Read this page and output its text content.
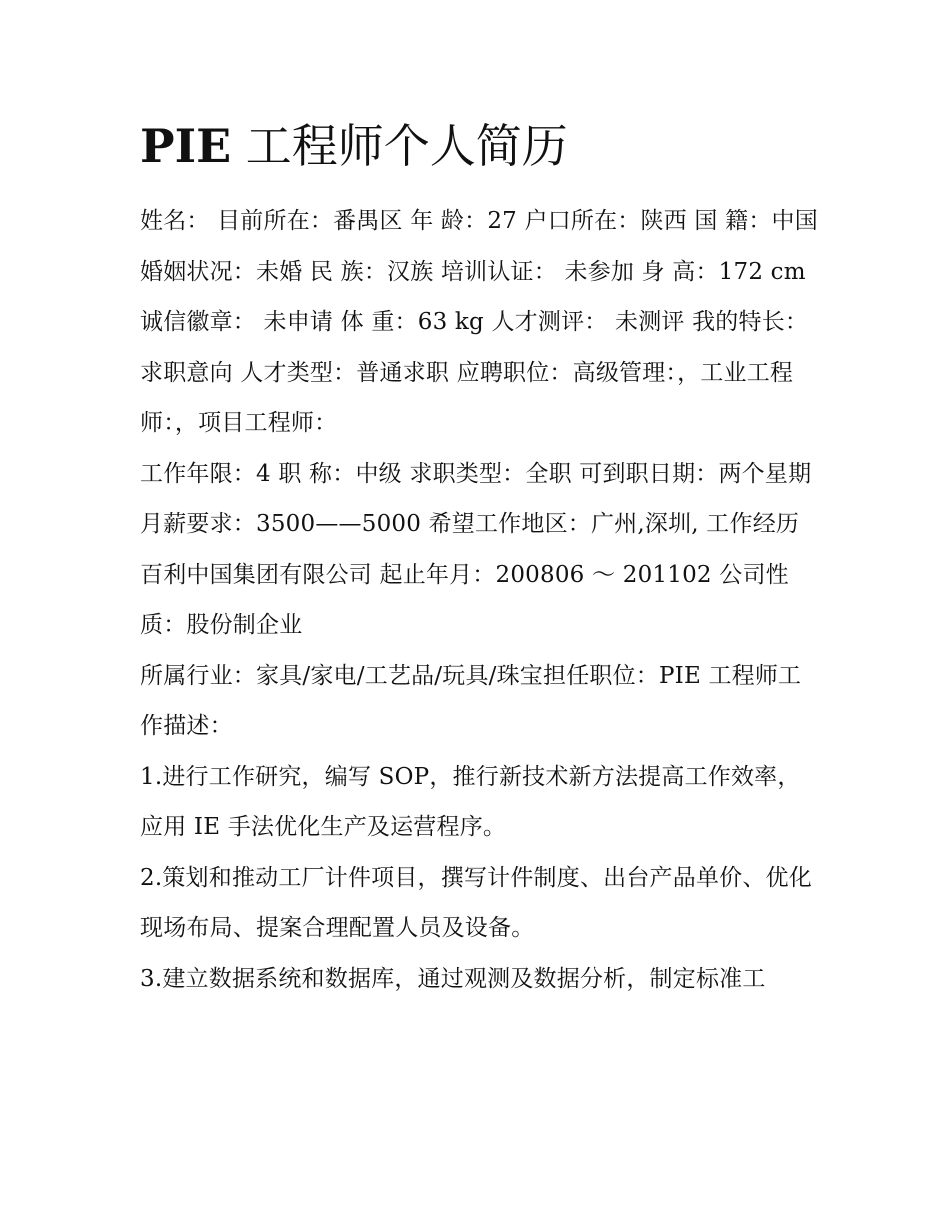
PIE 工程师个人简历

姓名： 目前所在：番禺区 年 龄：27 户口所在：陕西 国 籍：中国 婚姻状况：未婚 民 族：汉族 培训认证： 未参加 身 高：172 cm

诚信徽章： 未申请 体 重：63 kg 人才测评： 未测评 我的特长： 求职意向 人才类型：普通求职 应聘职位：高级管理：，工业工程师：，项目工程师：

工作年限：4 职 称：中级 求职类型：全职 可到职日期：两个星期 月薪要求：3500——5000 希望工作地区：广州,深圳, 工作经历

百利中国集团有限公司 起止年月：200806 ～ 201102 公司性质：股份制企业

所属行业：家具/家电/工艺品/玩具/珠宝担任职位：PIE 工程师工作描述：

1.进行工作研究，编写 SOP，推行新技术新方法提高工作效率，应用 IE 手法优化生产及运营程序。

2.策划和推动工厂计件项目，撰写计件制度、出台产品单价、优化现场布局、提案合理配置人员及设备。

3.建立数据系统和数据库，通过观测及数据分析，制定标准工
